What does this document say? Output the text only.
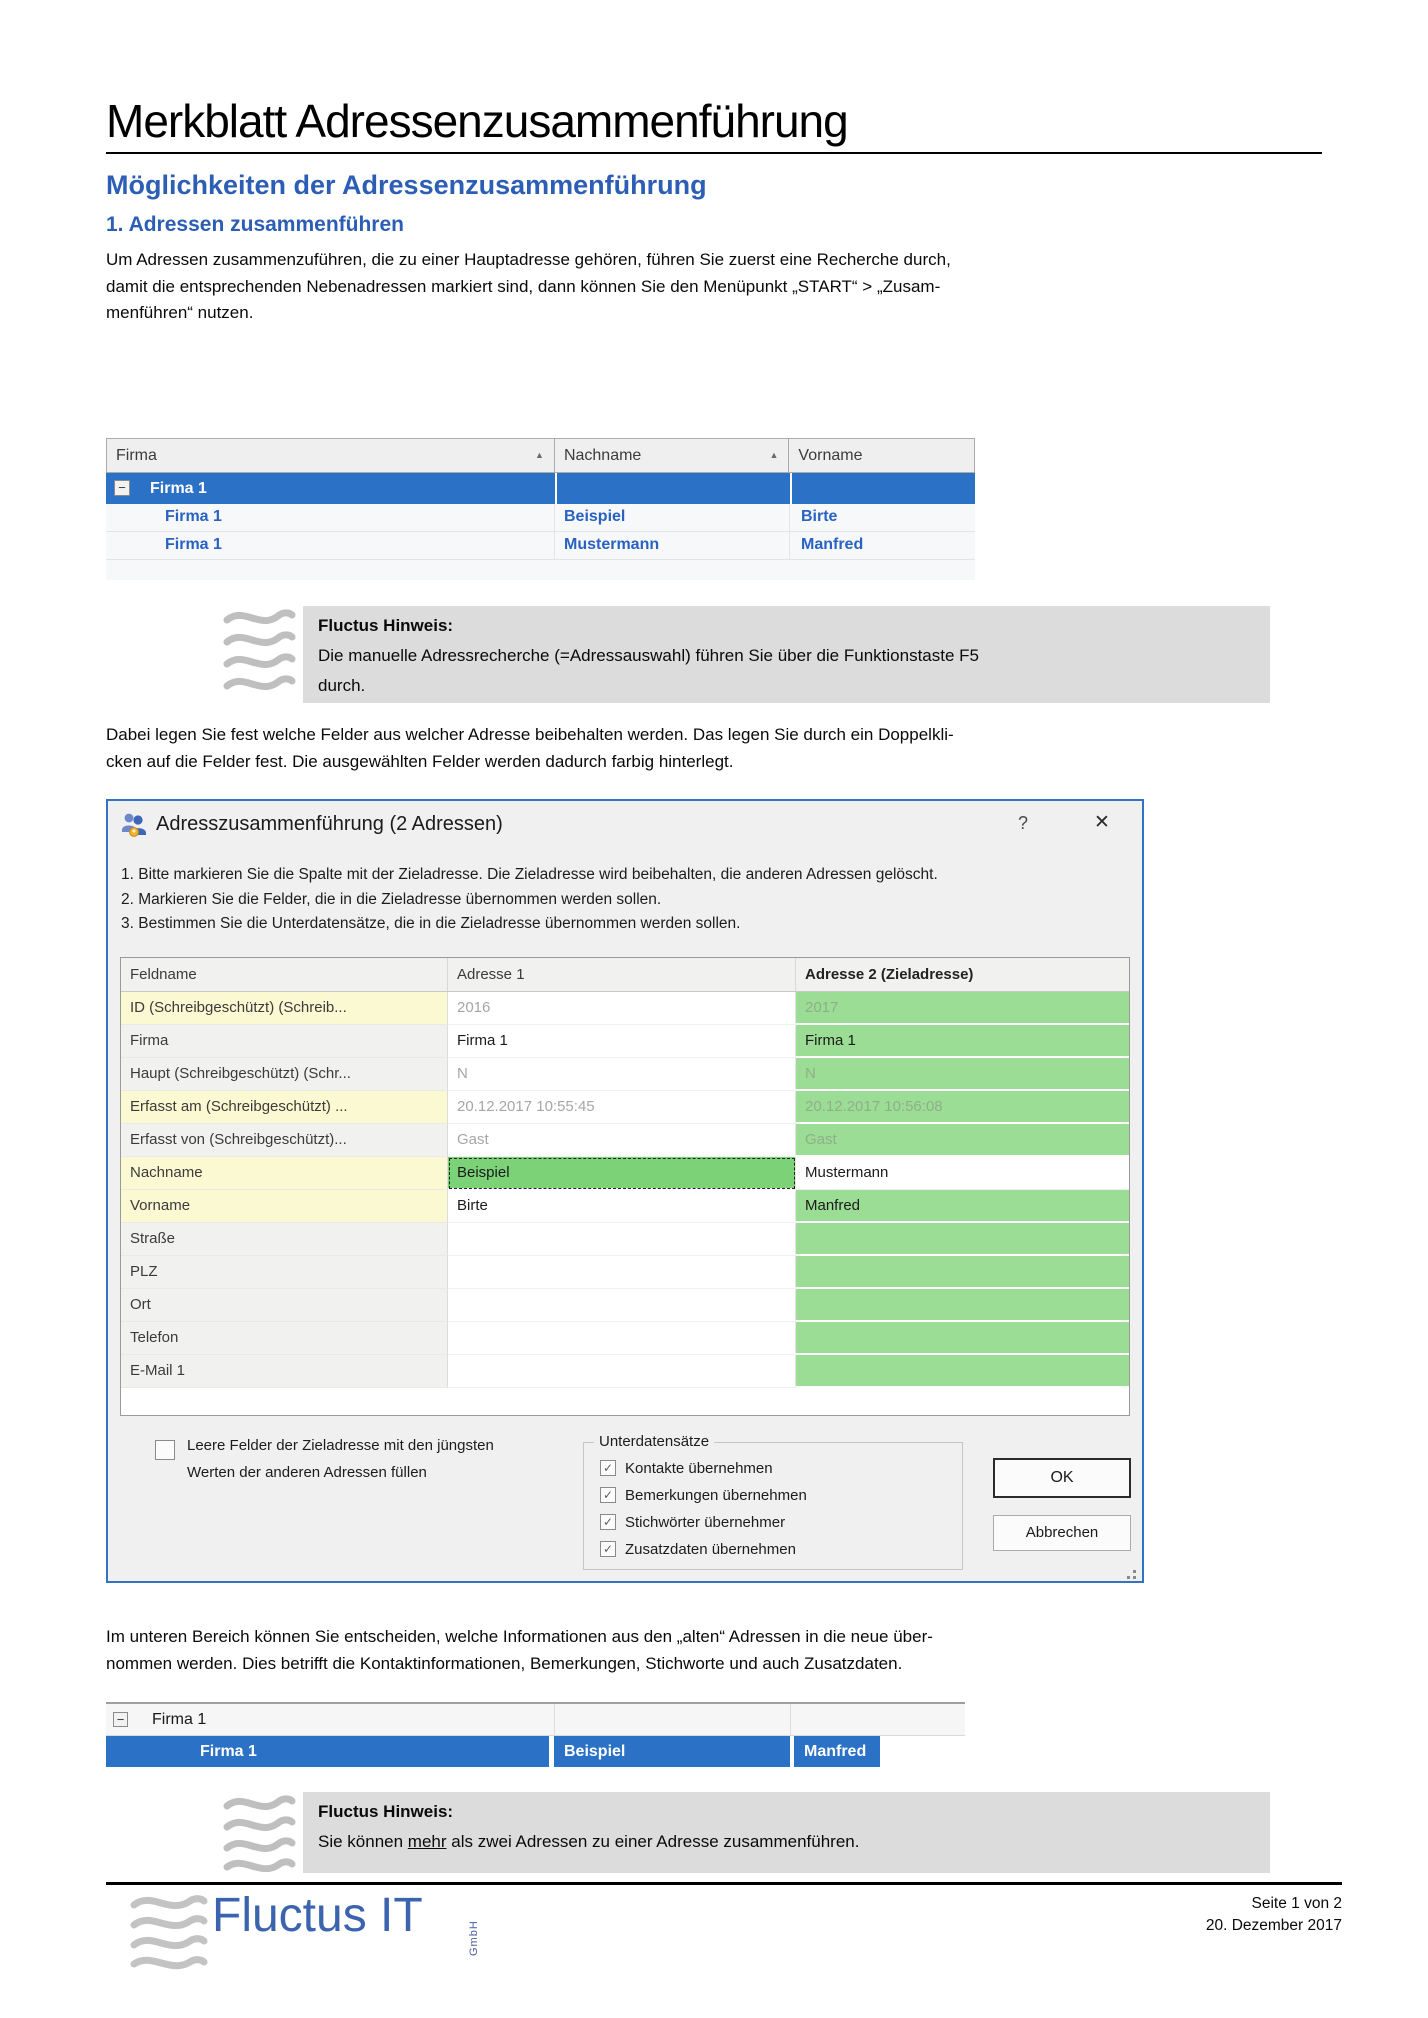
Merkblatt Adressenzusammenführung
Möglichkeiten der Adressenzusammenführung
1. Adressen zusammenführen
Um Adressen zusammenzuführen, die zu einer Hauptadresse gehören, führen Sie zuerst eine Recherche durch,
damit die entsprechenden Nebenadressen markiert sind, dann können Sie den Menüpunkt „START“ > „Zusam-
menführen“ nutzen.
Firma	▲	Nachname	▲	Vorname
− Firma 1
Firma 1	Beispiel	Birte
Firma 1	Mustermann	Manfred
Fluctus Hinweis:
Die manuelle Adressrecherche (=Adressauswahl) führen Sie über die Funktionstaste F5
durch.
Dabei legen Sie fest welche Felder aus welcher Adresse beibehalten werden. Das legen Sie durch ein Doppelkli-
cken auf die Felder fest. Die ausgewählten Felder werden dadurch farbig hinterlegt.
Adresszusammenführung (2 Adressen)	?	✕
1. Bitte markieren Sie die Spalte mit der Zieladresse. Die Zieladresse wird beibehalten, die anderen Adressen gelöscht.
2. Markieren Sie die Felder, die in die Zieladresse übernommen werden sollen.
3. Bestimmen Sie die Unterdatensätze, die in die Zieladresse übernommen werden sollen.
Feldname	Adresse 1	Adresse 2 (Zieladresse)
ID (Schreibgeschützt) (Schreib...	2016	2017
Firma	Firma 1	Firma 1
Haupt (Schreibgeschützt) (Schr...	N	N
Erfasst am (Schreibgeschützt) ...	20.12.2017 10:55:45	20.12.2017 10:56:08
Erfasst von (Schreibgeschützt)...	Gast	Gast
Nachname	Beispiel	Mustermann
Vorname	Birte	Manfred
Straße
PLZ
Ort
Telefon
E-Mail 1
Leere Felder der Zieladresse mit den jüngsten
Werten der anderen Adressen füllen
Unterdatensätze
✓ Kontakte übernehmen
✓ Bemerkungen übernehmen
✓ Stichwörter übernehmer
✓ Zusatzdaten übernehmen
OK
Abbrechen
Im unteren Bereich können Sie entscheiden, welche Informationen aus den „alten“ Adressen in die neue über-
nommen werden. Dies betrifft die Kontaktinformationen, Bemerkungen, Stichworte und auch Zusatzdaten.
− Firma 1
Firma 1	Beispiel	Manfred
Fluctus Hinweis:
Sie können mehr als zwei Adressen zu einer Adresse zusammenführen.
Fluctus IT	GmbH
Seite 1 von 2
20. Dezember 2017
